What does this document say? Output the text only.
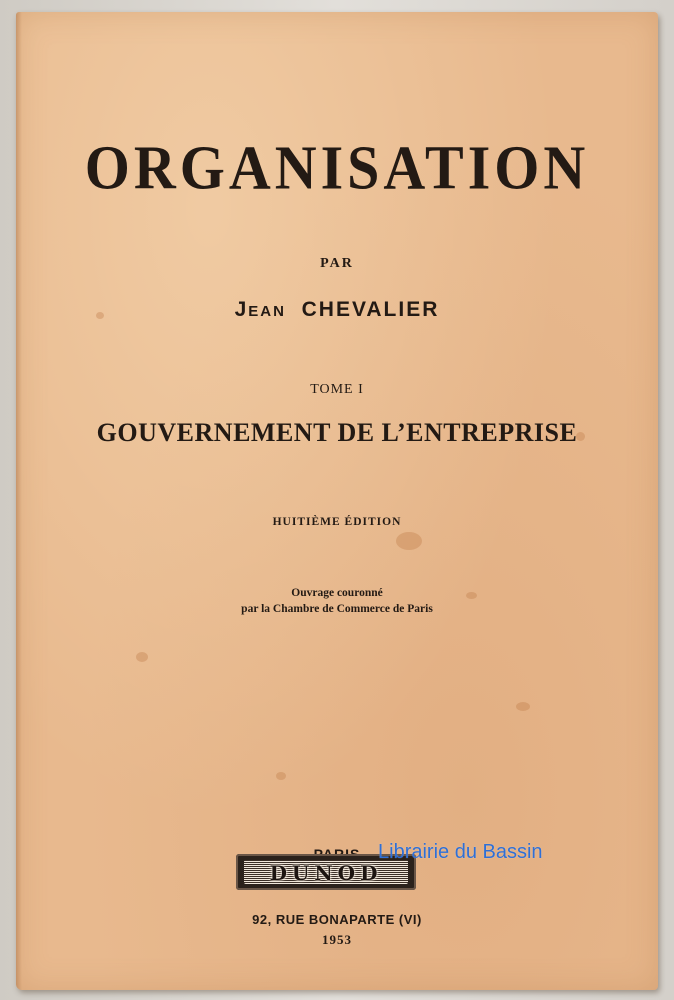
ORGANISATION

PAR

Jean CHEVALIER

TOME I

GOUVERNEMENT DE L’ENTREPRISE

HUITIÈME ÉDITION

Ouvrage couronné

par la Chambre de Commerce de Paris

DUNOD

92, RUE BONAPARTE (VI)

1953

Librairie du Bassin
